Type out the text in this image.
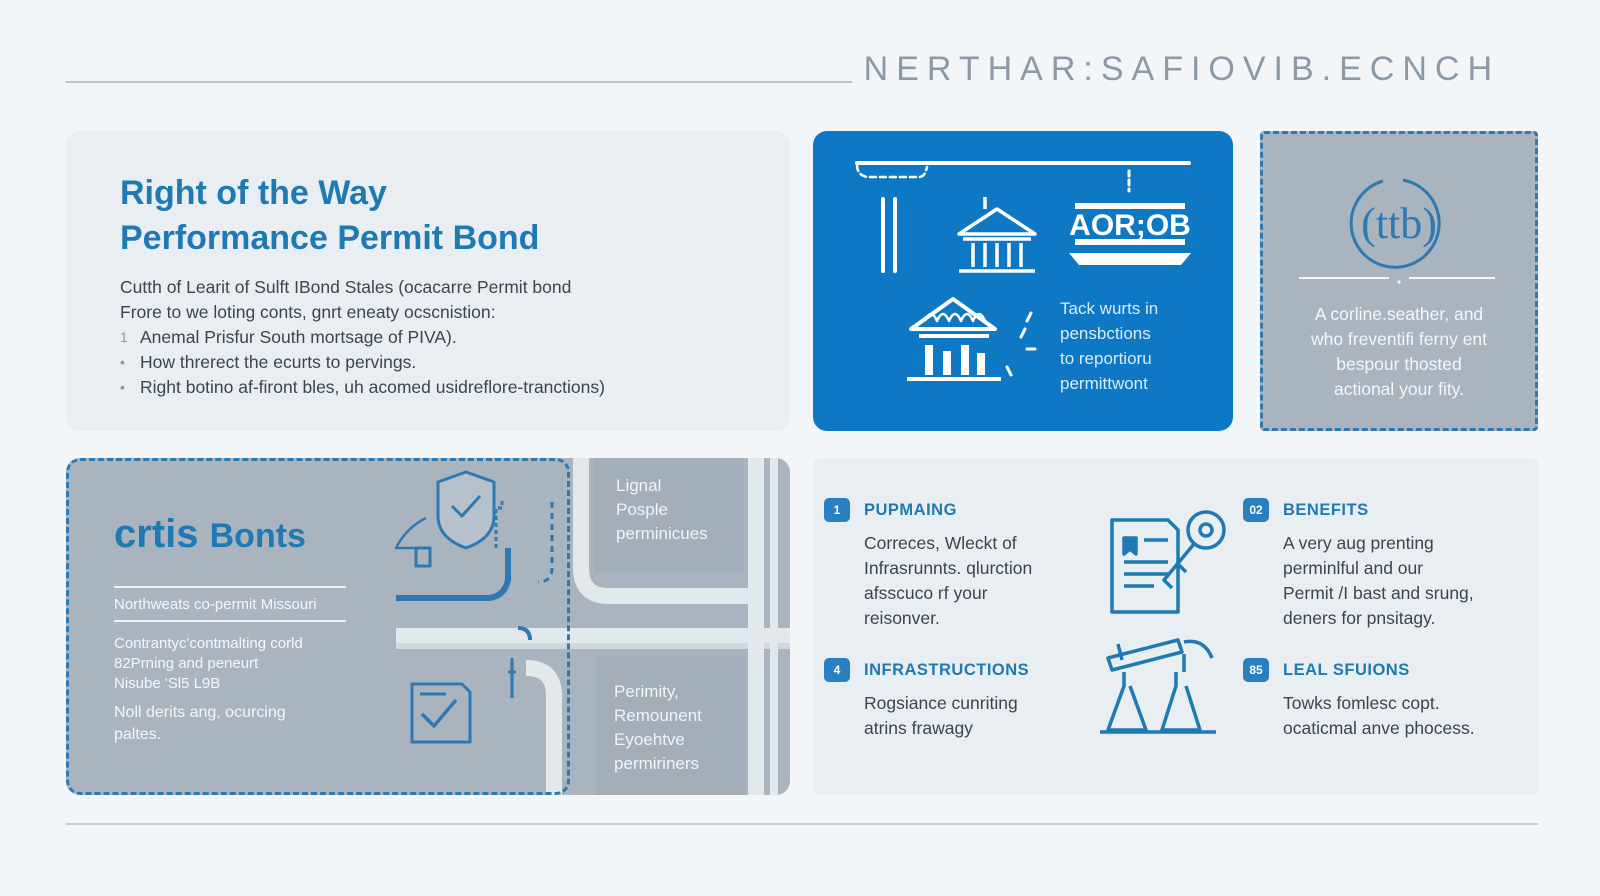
NERTHAR:SAFIOVIB.ECNCH
Right of the Way
Performance Permit Bond
Cutth of Learit of Sulft IBond Stales (ocacarre Permit bond
Frore to we loting conts, gnrt eneaty ocscnistion:
1 Anemal Prisfur South mortsage of PIVA).
• How threrect the ecurts to pervings.
• Right botino af-firont bles, uh acomed usidreflore-tranctions)
AOR;OB
Tack wurts in
pensbctions
to reportioru
permittwont
(ttb)
A corline.seather, and
who freventifi ferny ent
bespour thosted
actional your fity.
crtis Bonts
Northweats co-permit Missouri
Contrantyc'contmalting corld
82Prning and peneurt
Nisube 'Sl5 L9B
Noll derits ang, ocurcing
paltes.
Lignal
Posple
perminicues
Perimity,
Remounent
Eyoehtve
permiriners
1	PUPMAING
Correces, Wleckt of
Infrasrunnts. qlurction
afsscuco rf your
reisonver.
02	BENEFITS
A very aug prenting
perminlful and our
Permit /I bast and srung,
deners for pnsitagy.
4	INFRASTRUCTIONS
Rogsiance cunriting
atrins frawagy
85	LEAL SFUIONS
Towks fomlesc copt.
ocaticmal anve phocess.
